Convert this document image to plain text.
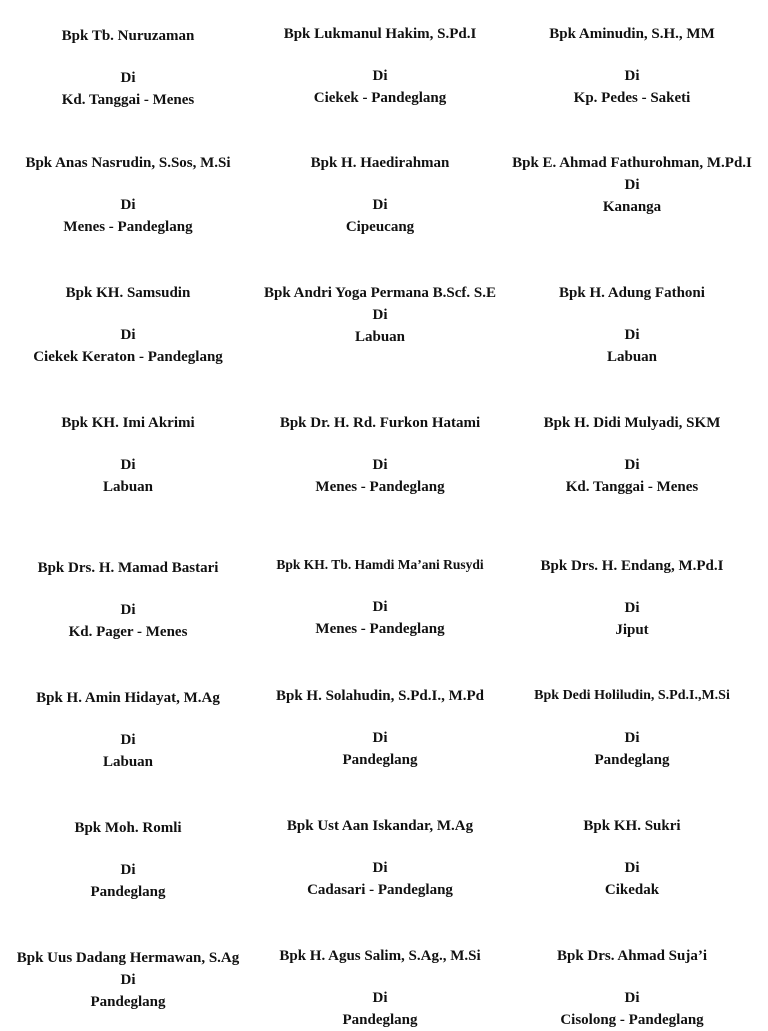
Bpk Tb. Nuruzaman
Di
Kd. Tanggai - Menes
Bpk Lukmanul Hakim, S.Pd.I
Di
Ciekek - Pandeglang
Bpk Aminudin, S.H., MM
Di
Kp. Pedes - Saketi
Bpk Anas Nasrudin, S.Sos, M.Si
Di
Menes - Pandeglang
Bpk H. Haedirahman
Di
Cipeucang
Bpk E. Ahmad Fathurohman, M.Pd.I
Di
Kananga
Bpk KH. Samsudin
Di
Ciekek Keraton - Pandeglang
Bpk Andri Yoga Permana B.Scf. S.E
Di
Labuan
Bpk H. Adung Fathoni
Di
Labuan
Bpk KH. Imi Akrimi
Di
Labuan
Bpk Dr. H. Rd. Furkon Hatami
Di
Menes - Pandeglang
Bpk H. Didi Mulyadi, SKM
Di
Kd. Tanggai - Menes
Bpk Drs. H. Mamad Bastari
Di
Kd. Pager - Menes
Bpk KH. Tb. Hamdi Ma’ani Rusydi
Di
Menes - Pandeglang
Bpk Drs. H. Endang, M.Pd.I
Di
Jiput
Bpk H. Amin Hidayat, M.Ag
Di
Labuan
Bpk H. Solahudin, S.Pd.I., M.Pd
Di
Pandeglang
Bpk Dedi Holiludin, S.Pd.I.,M.Si
Di
Pandeglang
Bpk Moh. Romli
Di
Pandeglang
Bpk Ust Aan Iskandar, M.Ag
Di
Cadasari - Pandeglang
Bpk KH. Sukri
Di
Cikedak
Bpk Uus Dadang Hermawan, S.Ag
Di
Pandeglang
Bpk H. Agus Salim, S.Ag., M.Si
Di
Pandeglang
Bpk Drs. Ahmad Suja’i
Di
Cisolong - Pandeglang
